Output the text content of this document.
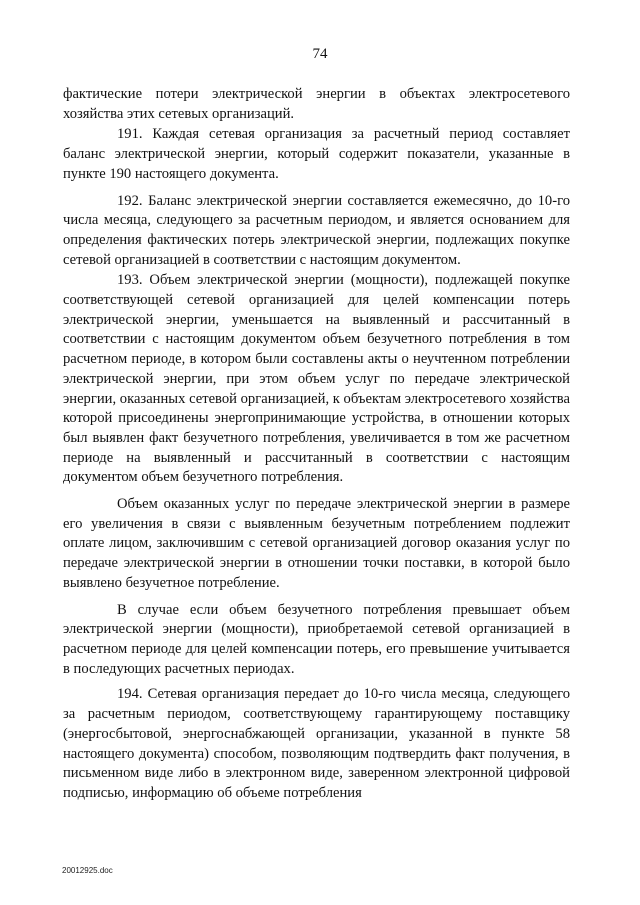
74

фактические потери электрической энергии в объектах электросетевого хозяйства этих сетевых организаций.

191. Каждая сетевая организация за расчетный период составляет баланс электрической энергии, который содержит показатели, указанные в пункте 190 настоящего документа.

192. Баланс электрической энергии составляется ежемесячно, до 10-го числа месяца, следующего за расчетным периодом, и является основанием для определения фактических потерь электрической энергии, подлежащих покупке сетевой организацией в соответствии с настоящим документом.

193. Объем электрической энергии (мощности), подлежащей покупке соответствующей сетевой организацией для целей компенсации потерь электрической энергии, уменьшается на выявленный и рассчитанный в соответствии с настоящим документом объем безучетного потребления в том расчетном периоде, в котором были составлены акты о неучтенном потреблении электрической энергии, при этом объем услуг по передаче электрической энергии, оказанных сетевой организацией, к объектам электросетевого хозяйства которой присоединены энергопринимающие устройства, в отношении которых был выявлен факт безучетного потребления, увеличивается в том же расчетном периоде на выявленный и рассчитанный в соответствии с настоящим документом объем безучетного потребления.

Объем оказанных услуг по передаче электрической энергии в размере его увеличения в связи с выявленным безучетным потреблением подлежит оплате лицом, заключившим с сетевой организацией договор оказания услуг по передаче электрической энергии в отношении точки поставки, в которой было выявлено безучетное потребление.

В случае если объем безучетного потребления превышает объем электрической энергии (мощности), приобретаемой сетевой организацией в расчетном периоде для целей компенсации потерь, его превышение учитывается в последующих расчетных периодах.

194. Сетевая организация передает до 10-го числа месяца, следующего за расчетным периодом, соответствующему гарантирующему поставщику (энергосбытовой, энергоснабжающей организации, указанной в пункте 58 настоящего документа) способом, позволяющим подтвердить факт получения, в письменном виде либо в электронном виде, заверенном электронной цифровой подписью, информацию об объеме потребления

20012925.doc
